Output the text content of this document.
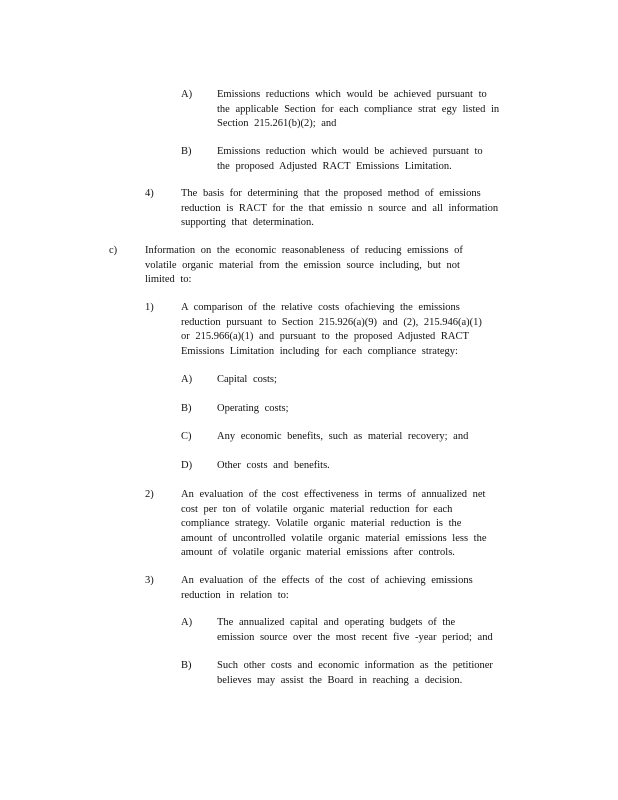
A) Emissions reductions which would be achieved pursuant to
the applicable Section for each compliance strat egy listed in
Section 215.261(b)(2); and
B) Emissions reduction which would be achieved pursuant to
the proposed Adjusted RACT Emissions Limitation.
4)	The basis for determining that the proposed method of emissions
reduction is RACT for the that emissio n source and all information
supporting that determination.
c)	Information on the economic reasonableness of reducing emissions of
volatile organic material from the emission source including, but not
limited to:
1)	A comparison of the relative costs ofachieving the emissions
reduction pursuant to Section 215.926(a)(9) and (2), 215.946(a)(1)
or 215.966(a)(1) and pursuant to the proposed Adjusted RACT
Emissions Limitation including for each compliance strategy:
A) Capital costs;
B) Operating costs;
C) Any economic benefits, such as material recovery; and
D) Other costs and benefits.
2)	An evaluation of the cost effectiveness in terms of annualized net
cost per ton of volatile organic material reduction for each
compliance strategy. Volatile organic material reduction is the
amount of uncontrolled volatile organic material emissions less the
amount of volatile organic material emissions after controls.
3)	An evaluation of the effects of the cost of achieving emissions
reduction in relation to:
A) The annualized capital and operating budgets of the
emission source over the most recent five -year period; and
B) Such other costs and economic information as the petitioner
believes may assist the Board in reaching a decision.
